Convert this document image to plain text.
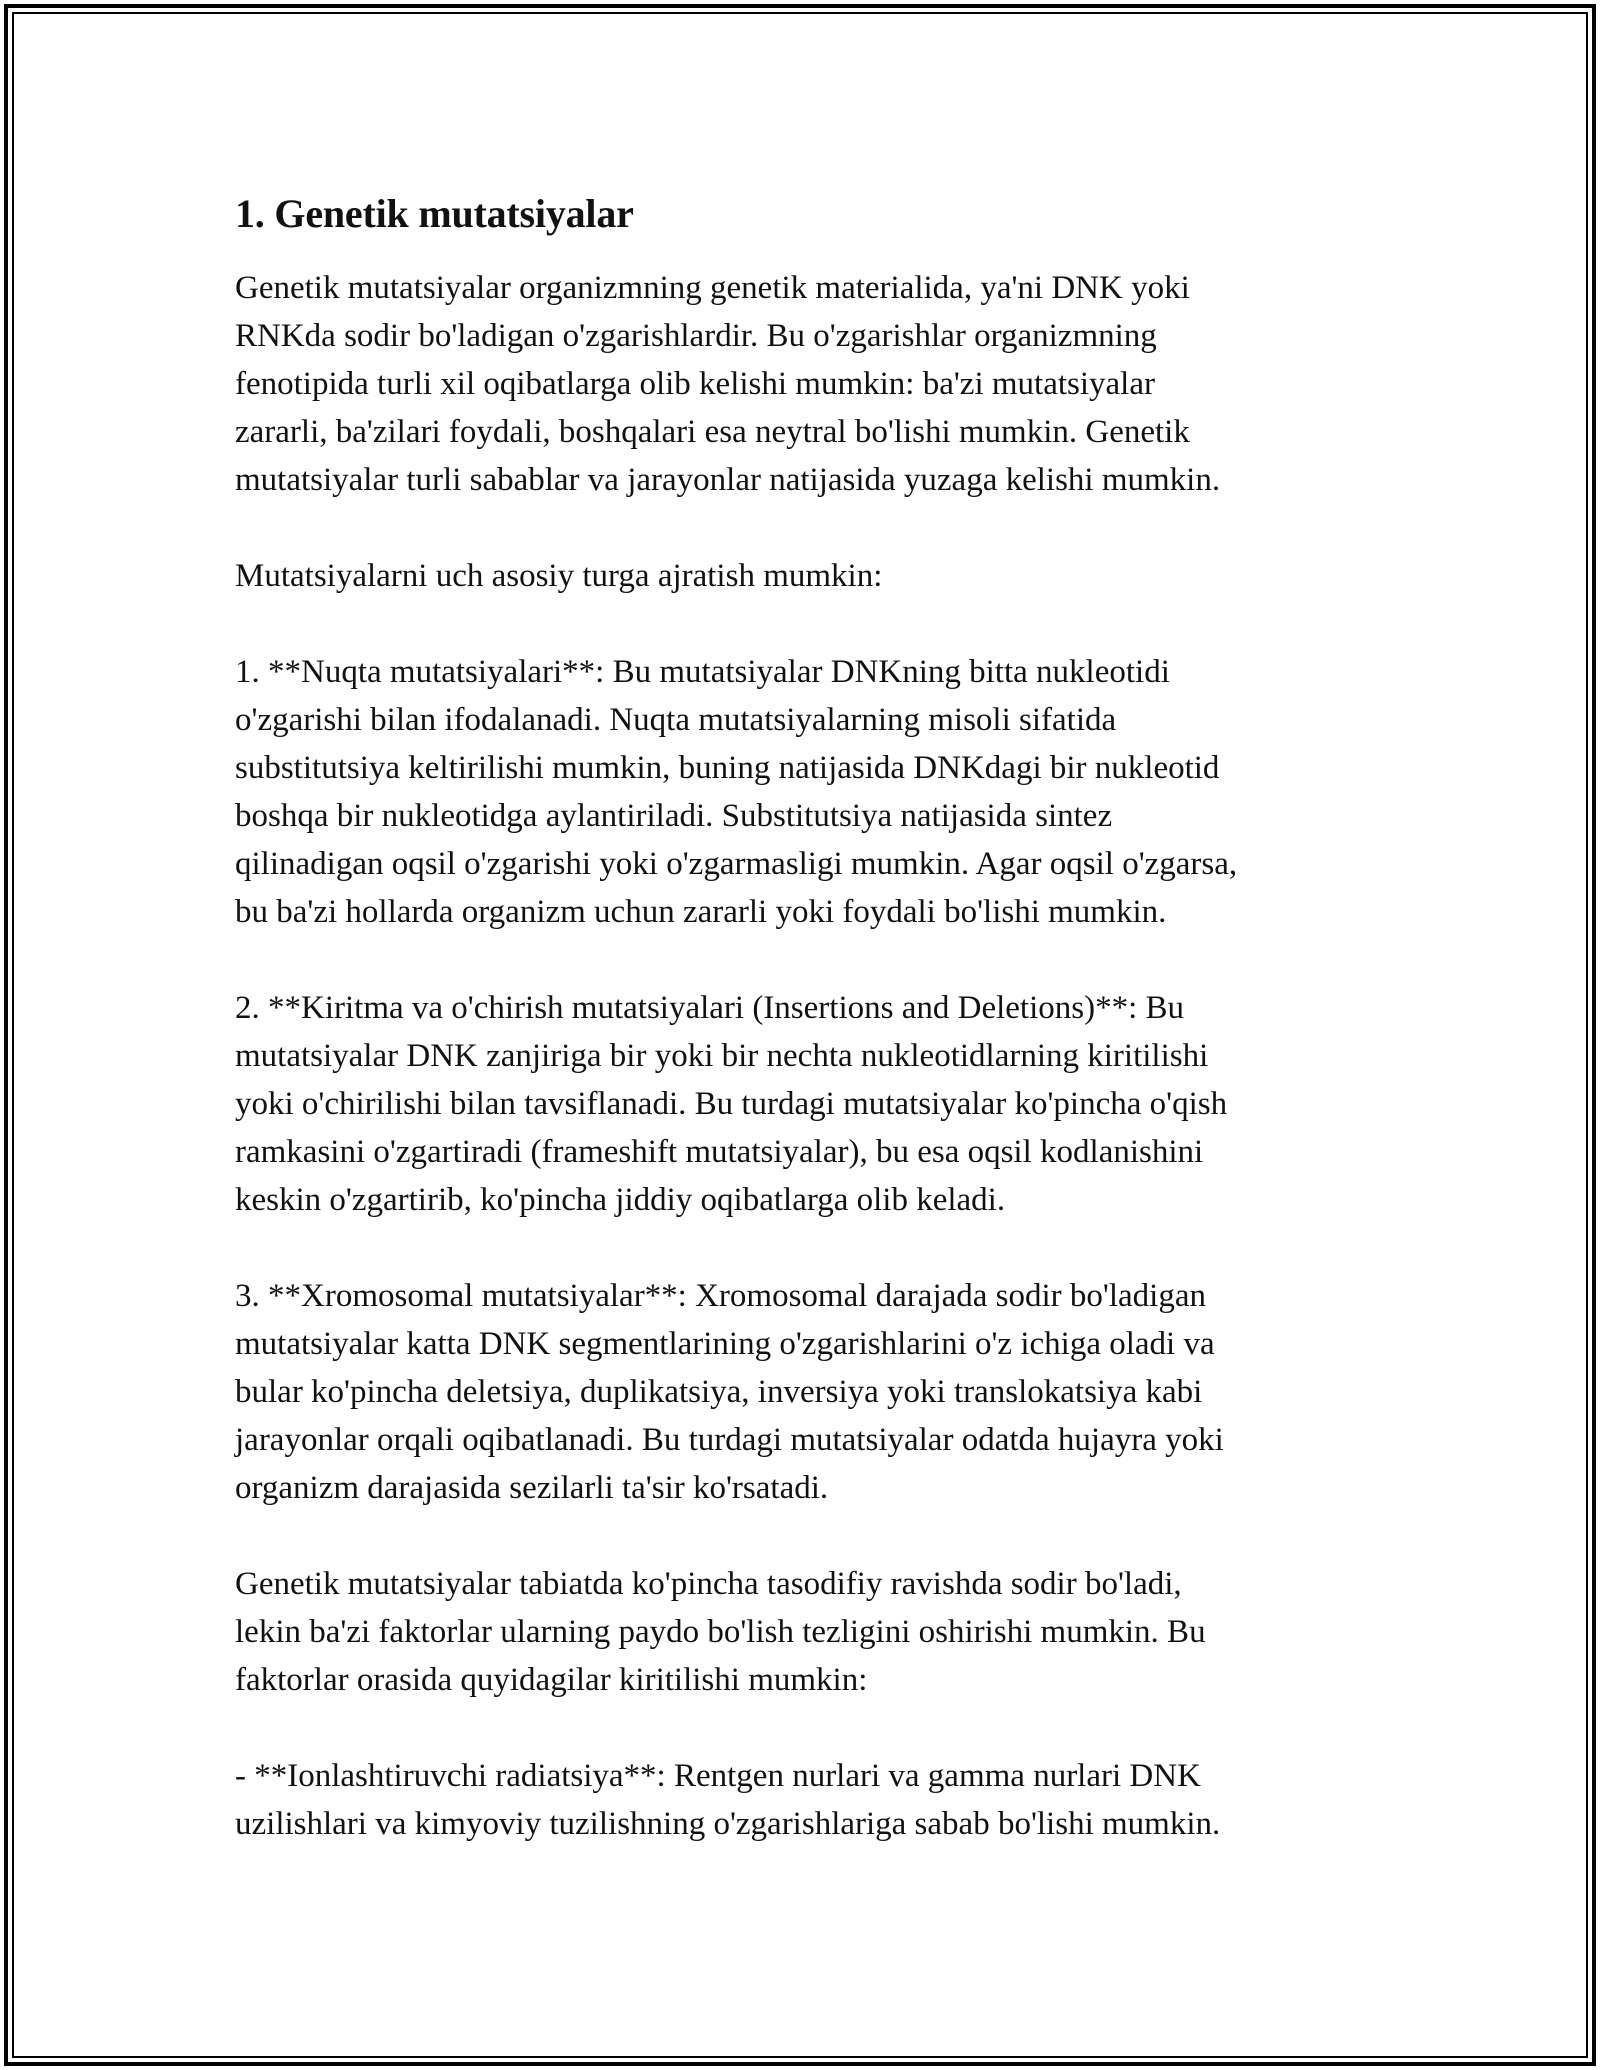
1. Genetik mutatsiyalar

Genetik mutatsiyalar organizmning genetik materialida, ya'ni DNK yoki
RNKda sodir bo'ladigan o'zgarishlardir. Bu o'zgarishlar organizmning
fenotipida turli xil oqibatlarga olib kelishi mumkin: ba'zi mutatsiyalar
zararli, ba'zilari foydali, boshqalari esa neytral bo'lishi mumkin. Genetik
mutatsiyalar turli sabablar va jarayonlar natijasida yuzaga kelishi mumkin.

Mutatsiyalarni uch asosiy turga ajratish mumkin:

1. **Nuqta mutatsiyalari**: Bu mutatsiyalar DNKning bitta nukleotidi
o'zgarishi bilan ifodalanadi. Nuqta mutatsiyalarning misoli sifatida
substitutsiya keltirilishi mumkin, buning natijasida DNKdagi bir nukleotid
boshqa bir nukleotidga aylantiriladi. Substitutsiya natijasida sintez
qilinadigan oqsil o'zgarishi yoki o'zgarmasligi mumkin. Agar oqsil o'zgarsa,
bu ba'zi hollarda organizm uchun zararli yoki foydali bo'lishi mumkin.

2. **Kiritma va o'chirish mutatsiyalari (Insertions and Deletions)**: Bu
mutatsiyalar DNK zanjiriga bir yoki bir nechta nukleotidlarning kiritilishi
yoki o'chirilishi bilan tavsiflanadi. Bu turdagi mutatsiyalar ko'pincha o'qish
ramkasini o'zgartiradi (frameshift mutatsiyalar), bu esa oqsil kodlanishini
keskin o'zgartirib, ko'pincha jiddiy oqibatlarga olib keladi.

3. **Xromosomal mutatsiyalar**: Xromosomal darajada sodir bo'ladigan
mutatsiyalar katta DNK segmentlarining o'zgarishlarini o'z ichiga oladi va
bular ko'pincha deletsiya, duplikatsiya, inversiya yoki translokatsiya kabi
jarayonlar orqali oqibatlanadi. Bu turdagi mutatsiyalar odatda hujayra yoki
organizm darajasida sezilarli ta'sir ko'rsatadi.

Genetik mutatsiyalar tabiatda ko'pincha tasodifiy ravishda sodir bo'ladi,
lekin ba'zi faktorlar ularning paydo bo'lish tezligini oshirishi mumkin. Bu
faktorlar orasida quyidagilar kiritilishi mumkin:

- **Ionlashtiruvchi radiatsiya**: Rentgen nurlari va gamma nurlari DNK
uzilishlari va kimyoviy tuzilishning o'zgarishlariga sabab bo'lishi mumkin.
